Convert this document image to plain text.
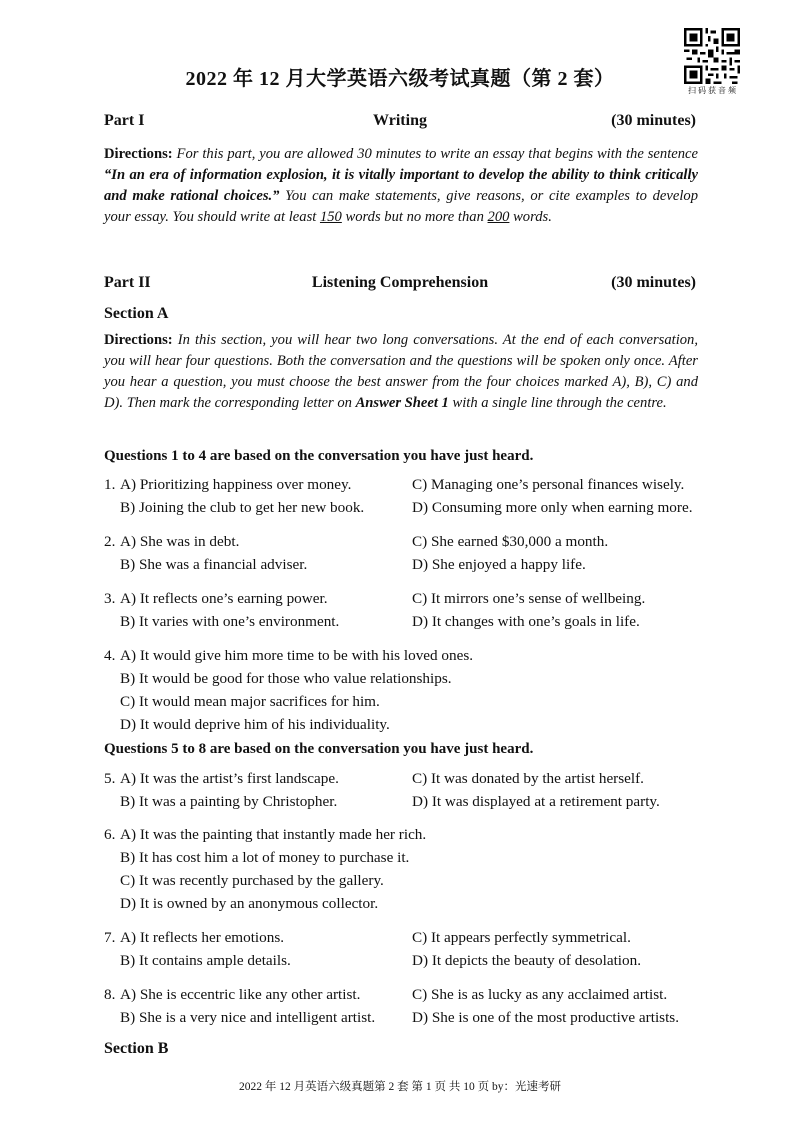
2022 年 12 月大学英语六级考试真题（第 2 套）
扫码获音频
Part I	Writing	(30 minutes)
Directions: For this part, you are allowed 30 minutes to write an essay that begins with the sentence “In an era of information explosion, it is vitally important to develop the ability to think critically and make rational choices.” You can make statements, give reasons, or cite examples to develop your essay. You should write at least 150 words but no more than 200 words.
Part II	Listening Comprehension	(30 minutes)
Section A
Directions: In this section, you will hear two long conversations. At the end of each conversation, you will hear four questions. Both the conversation and the questions will be spoken only once. After you hear a question, you must choose the best answer from the four choices marked A), B), C) and D). Then mark the corresponding letter on Answer Sheet 1 with a single line through the centre.
Questions 1 to 4 are based on the conversation you have just heard.
1. A) Prioritizing happiness over money.	C) Managing one’s personal finances wisely.
B) Joining the club to get her new book.	D) Consuming more only when earning more.
2. A) She was in debt.	C) She earned $30,000 a month.
B) She was a financial adviser.	D) She enjoyed a happy life.
3. A) It reflects one’s earning power.	C) It mirrors one’s sense of wellbeing.
B) It varies with one’s environment.	D) It changes with one’s goals in life.
4. A) It would give him more time to be with his loved ones.
B) It would be good for those who value relationships.
C) It would mean major sacrifices for him.
D) It would deprive him of his individuality.
Questions 5 to 8 are based on the conversation you have just heard.
5. A) It was the artist’s first landscape.	C) It was donated by the artist herself.
B) It was a painting by Christopher.	D) It was displayed at a retirement party.
6. A) It was the painting that instantly made her rich.
B) It has cost him a lot of money to purchase it.
C) It was recently purchased by the gallery.
D) It is owned by an anonymous collector.
7. A) It reflects her emotions.	C) It appears perfectly symmetrical.
B) It contains ample details.	D) It depicts the beauty of desolation.
8. A) She is eccentric like any other artist.	C) She is as lucky as any acclaimed artist.
B) She is a very nice and intelligent artist. D) She is one of the most productive artists.
Section B
2022 年 12 月英语六级真题第 2 套 第 1 页 共 10 页 by：光速考研
